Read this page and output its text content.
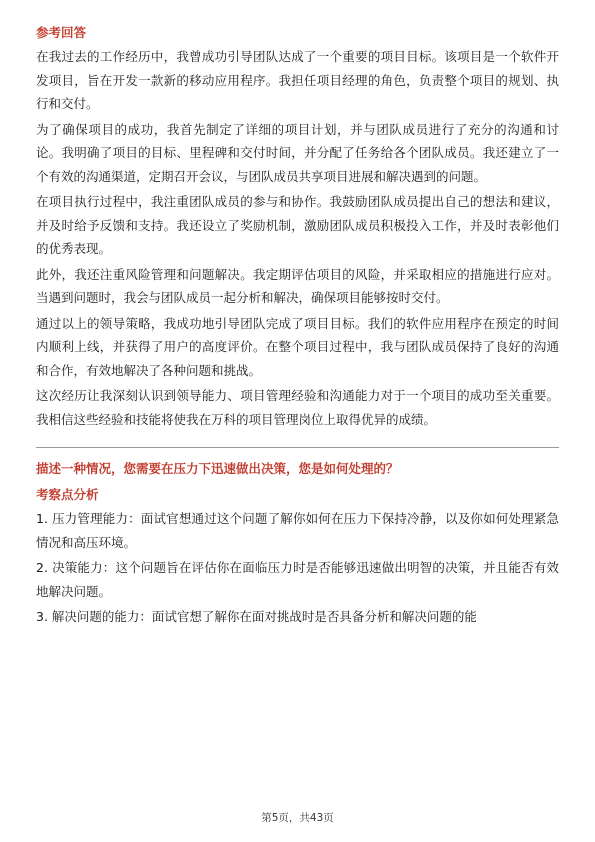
参考回答
在我过去的工作经历中，我曾成功引导团队达成了一个重要的项目目标。该项目是一个软件开发项目，旨在开发一款新的移动应用程序。我担任项目经理的角色，负责整个项目的规划、执行和交付。
为了确保项目的成功，我首先制定了详细的项目计划，并与团队成员进行了充分的沟通和讨论。我明确了项目的目标、里程碑和交付时间，并分配了任务给各个团队成员。我还建立了一个有效的沟通渠道，定期召开会议，与团队成员共享项目进展和解决遇到的问题。
在项目执行过程中，我注重团队成员的参与和协作。我鼓励团队成员提出自己的想法和建议，并及时给予反馈和支持。我还设立了奖励机制，激励团队成员积极投入工作，并及时表彰他们的优秀表现。
此外，我还注重风险管理和问题解决。我定期评估项目的风险，并采取相应的措施进行应对。当遇到问题时，我会与团队成员一起分析和解决，确保项目能够按时交付。
通过以上的领导策略，我成功地引导团队完成了项目目标。我们的软件应用程序在预定的时间内顺利上线，并获得了用户的高度评价。在整个项目过程中，我与团队成员保持了良好的沟通和合作，有效地解决了各种问题和挑战。
这次经历让我深刻认识到领导能力、项目管理经验和沟通能力对于一个项目的成功至关重要。我相信这些经验和技能将使我在万科的项目管理岗位上取得优异的成绩。
描述一种情况，您需要在压力下迅速做出决策，您是如何处理的？
考察点分析
1. 压力管理能力：面试官想通过这个问题了解你如何在压力下保持冷静，以及你如何处理紧急情况和高压环境。
2. 决策能力：这个问题旨在评估你在面临压力时是否能够迅速做出明智的决策，并且能否有效地解决问题。
3. 解决问题的能力：面试官想了解你在面对挑战时是否具备分析和解决问题的能
第5页，共43页
